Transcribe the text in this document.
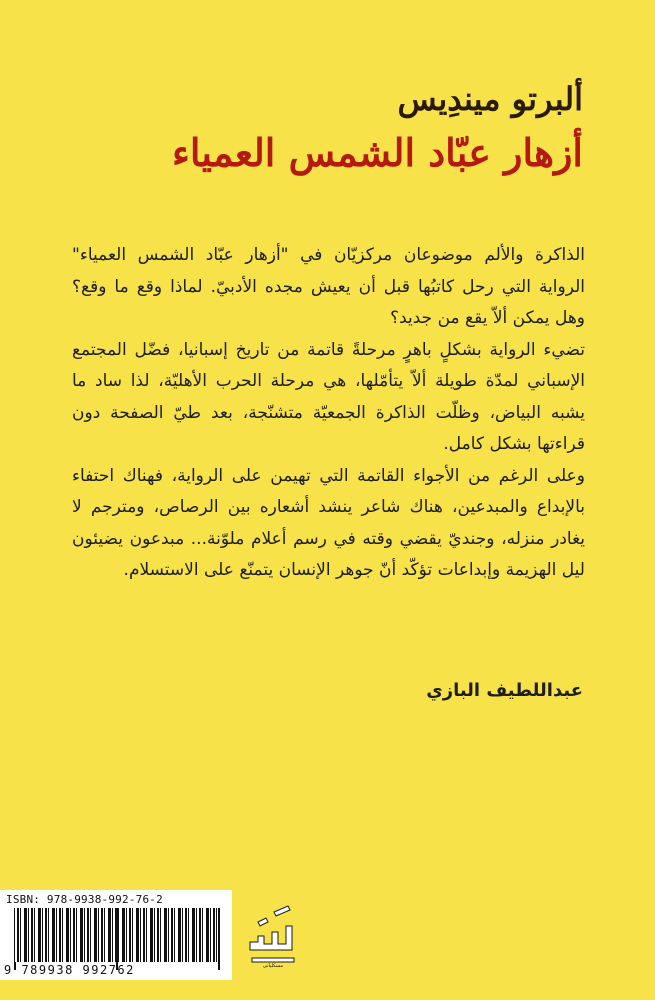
ألبرتو ميندِيس
أزهار عبّاد الشمس العمياء

الذاكرة والألم موضوعان مركزيّان في "أزهار عبّاد الشمس العمياء" الرواية التي رحل كاتبُها قبل أن يعيش مجده الأدبيّ. لماذا وقع ما وقع؟ وهل يمكن ألاّ يقع من جديد؟

تضيء الرواية بشكلٍ باهرٍ مرحلةً قاتمة من تاريخ إسبانيا، فضّل المجتمع الإسباني لمدّة طويلة ألاّ يتأمّلها، هي مرحلة الحرب الأهليّة، لذا ساد ما يشبه البياض، وظلّت الذاكرة الجمعيّة متشنّجة، بعد طيّ الصفحة دون قراءتها بشكل كامل.

وعلى الرغم من الأجواء القاتمة التي تهيمن على الرواية، فهناك احتفاء بالإبداع والمبدعين، هناك شاعر ينشد أشعاره بين الرصاص، ومترجم لا يغادر منزله، وجنديّ يقضي وقته في رسم أعلام ملوّنة... مبدعون يضيئون ليل الهزيمة وإبداعات تؤكّد أنّ جوهر الإنسان يتمنّع على الاستسلام.

عبداللطيف البازي
ISBN: 978-9938-992-76-2
9 789938 992762	مسكلياني
